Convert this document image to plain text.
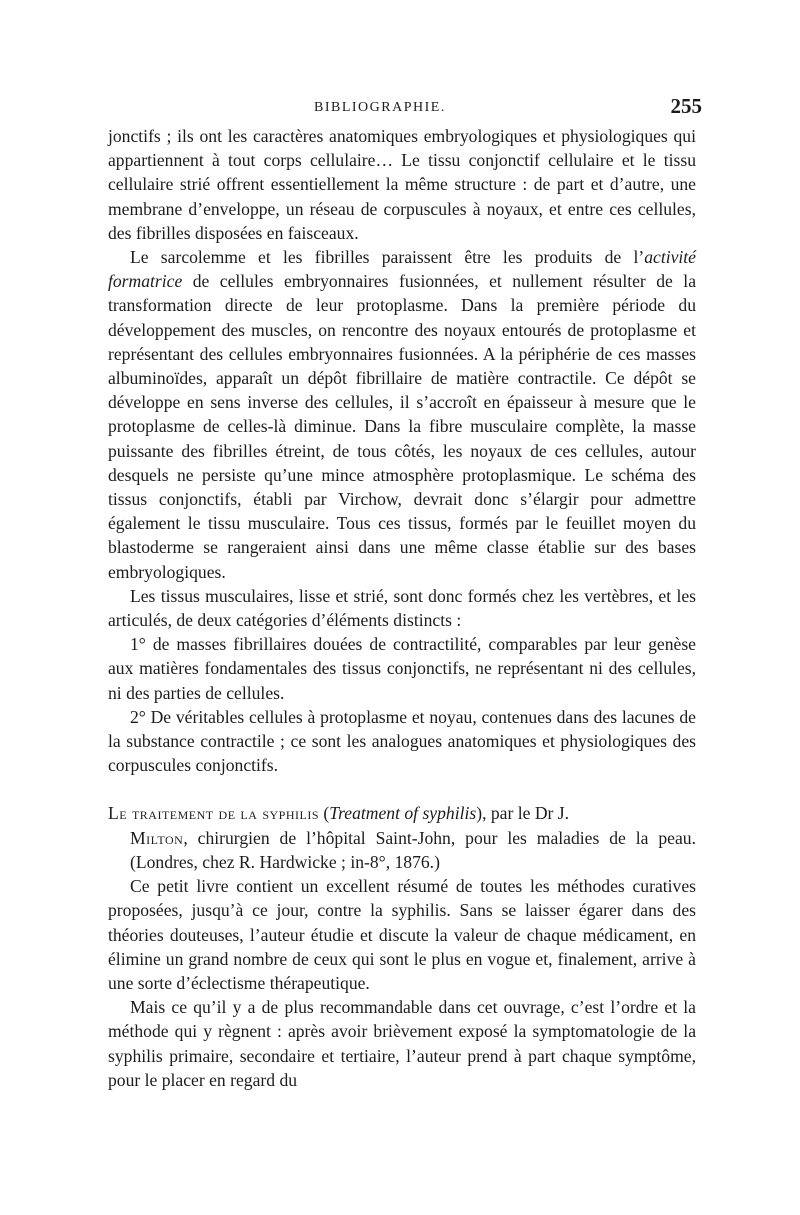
BIBLIOGRAPHIE.	255

jonctifs ; ils ont les caractères anatomiques embryologiques et physiologiques qui appartiennent à tout corps cellulaire… Le tissu conjonctif cellulaire et le tissu cellulaire strié offrent essentiellement la même structure : de part et d’autre, une membrane d’enveloppe, un réseau de corpuscules à noyaux, et entre ces cellules, des fibrilles disposées en faisceaux.

Le sarcolemme et les fibrilles paraissent être les produits de l’activité formatrice de cellules embryonnaires fusionnées, et nullement résulter de la transformation directe de leur protoplasme. Dans la première période du développement des muscles, on rencontre des noyaux entourés de protoplasme et représentant des cellules embryonnaires fusionnées. A la périphérie de ces masses albuminoïdes, apparaît un dépôt fibrillaire de matière contractile. Ce dépôt se développe en sens inverse des cellules, il s’accroît en épaisseur à mesure que le protoplasme de celles-là diminue. Dans la fibre musculaire complète, la masse puissante des fibrilles étreint, de tous côtés, les noyaux de ces cellules, autour desquels ne persiste qu’une mince atmosphère protoplasmique. Le schéma des tissus conjonctifs, établi par Virchow, devrait donc s’élargir pour admettre également le tissu musculaire. Tous ces tissus, formés par le feuillet moyen du blastoderme se rangeraient ainsi dans une même classe établie sur des bases embryologiques.

Les tissus musculaires, lisse et strié, sont donc formés chez les vertèbres, et les articulés, de deux catégories d’éléments distincts :

1° de masses fibrillaires douées de contractilité, comparables par leur genèse aux matières fondamentales des tissus conjonctifs, ne représentant ni des cellules, ni des parties de cellules.

2° De véritables cellules à protoplasme et noyau, contenues dans des lacunes de la substance contractile ; ce sont les analogues anatomiques et physiologiques des corpuscules conjonctifs.

Le traitement de la syphilis (Treatment of syphilis), par le Dr J.
Milton, chirurgien de l’hôpital Saint-John, pour les maladies de la peau. (Londres, chez R. Hardwicke ; in-8°, 1876.)

Ce petit livre contient un excellent résumé de toutes les méthodes curatives proposées, jusqu’à ce jour, contre la syphilis. Sans se laisser égarer dans des théories douteuses, l’auteur étudie et discute la valeur de chaque médicament, en élimine un grand nombre de ceux qui sont le plus en vogue et, finalement, arrive à une sorte d’éclectisme thérapeutique.

Mais ce qu’il y a de plus recommandable dans cet ouvrage, c’est l’ordre et la méthode qui y règnent : après avoir brièvement exposé la symptomatologie de la syphilis primaire, secondaire et tertiaire, l’auteur prend à part chaque symptôme, pour le placer en regard du
